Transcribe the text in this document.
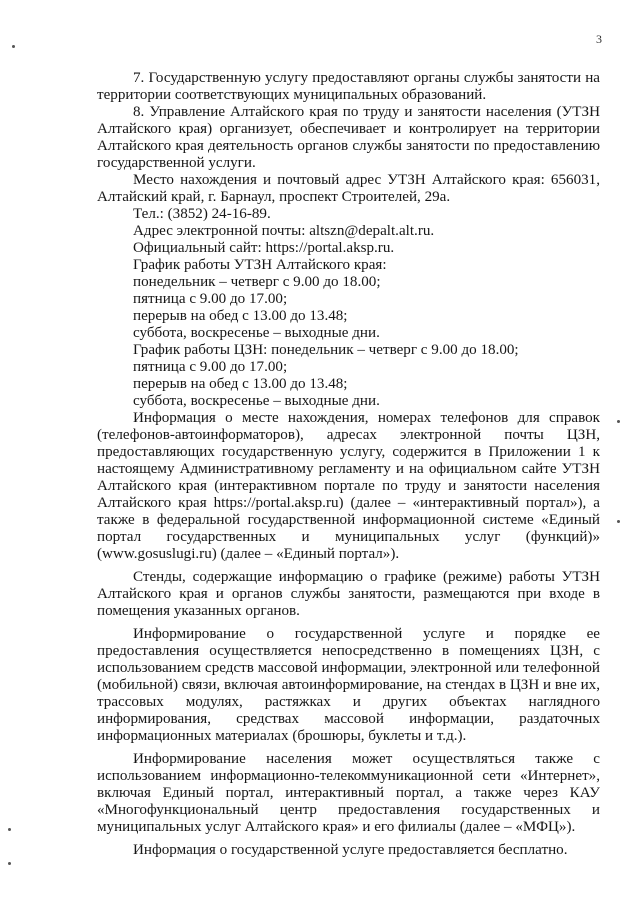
3

7. Государственную услугу предоставляют органы службы занятости на территории соответствующих муниципальных образований.

8. Управление Алтайского края по труду и занятости населения (УТЗН Алтайского края) организует, обеспечивает и контролирует на территории Алтайского края деятельность органов службы занятости по предоставлению государственной услуги.

Место нахождения и почтовый адрес УТЗН Алтайского края: 656031, Алтайский край, г. Барнаул, проспект Строителей, 29а.

Тел.: (3852) 24-16-89.

Адрес электронной почты: altszn@depalt.alt.ru.

Официальный сайт: https://portal.aksp.ru.

График работы УТЗН Алтайского края:

понедельник – четверг с 9.00 до 18.00;

пятница с 9.00 до 17.00;

перерыв на обед с 13.00 до 13.48;

суббота, воскресенье – выходные дни.

График работы ЦЗН: понедельник – четверг с 9.00 до 18.00;

пятница с 9.00 до 17.00;

перерыв на обед с 13.00 до 13.48;

суббота, воскресенье – выходные дни.

Информация о месте нахождения, номерах телефонов для справок (телефонов-автоинформаторов), адресах электронной почты ЦЗН, предоставляющих государственную услугу, содержится в Приложении 1 к настоящему Административному регламенту и на официальном сайте УТЗН Алтайского края (интерактивном портале по труду и занятости населения Алтайского края https://portal.aksp.ru) (далее – «интерактивный портал»), а также в федеральной государственной информационной системе «Единый портал государственных и муниципальных услуг (функций)» (www.gosuslugi.ru) (далее – «Единый портал»).

Стенды, содержащие информацию о графике (режиме) работы УТЗН Алтайского края и органов службы занятости, размещаются при входе в помещения указанных органов.

Информирование о государственной услуге и порядке ее предоставления осуществляется непосредственно в помещениях ЦЗН, с использованием средств массовой информации, электронной или телефонной (мобильной) связи, включая автоинформирование, на стендах в ЦЗН и вне их, трассовых модулях, растяжках и других объектах наглядного информирования, средствах массовой информации, раздаточных информационных материалах (брошюры, буклеты и т.д.).

Информирование населения может осуществляться также с использованием информационно-телекоммуникационной сети «Интернет», включая Единый портал, интерактивный портал, а также через КАУ «Многофункциональный центр предоставления государственных и муниципальных услуг Алтайского края» и его филиалы (далее – «МФЦ»).

Информация о государственной услуге предоставляется бесплатно.
